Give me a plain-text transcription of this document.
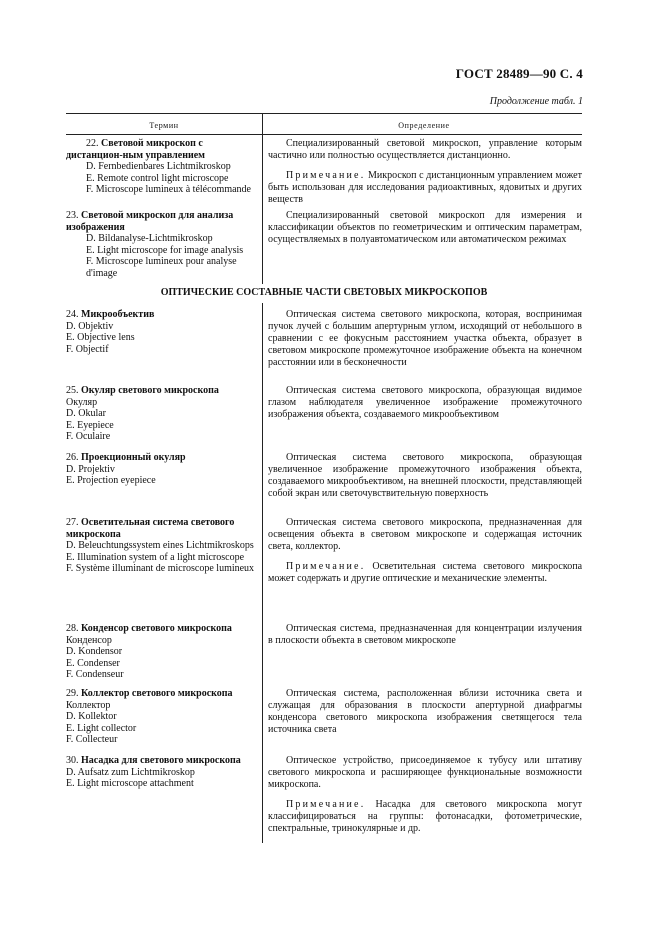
ГОСТ 28489—90 С. 4
Продолжение табл. 1
Термин	Определение
ОПТИЧЕСКИЕ СОСТАВНЫЕ ЧАСТИ СВЕТОВЫХ МИКРОСКОПОВ
22. Световой микроскоп с дистанцион-ным управлением
D. Fernbedienbares Lichtmikroskop
E. Remote control light microscope
F. Microscope lumineux à télécommande

Специализированный световой микроскоп, управление которым частично или полностью осуществляется дистанционно.

Примечание. Микроскоп с дистанционным управлением может быть использован для исследования радиоактивных, ядовитых и других веществ

23. Световой микроскоп для анализа изображения
D. Bildanalyse-Lichtmikroskop
E. Light microscope for image analysis
F. Microscope lumineux pour analyse d'image

Специализированный световой микроскоп для измерения и классификации объектов по геометрическим и оптическим параметрам, осуществляемых в полуавтоматическом или автоматическом режимах

24. Микрообъектив
D. Objektiv
E. Objective lens
F. Objectif

Оптическая система светового микроскопа, которая, воспринимая пучок лучей с большим апертурным углом, исходящий от небольшого в сравнении с ее фокусным расстоянием участка объекта, образует в световом микроскопе промежуточное изображение объекта на конечном расстоянии или в бесконечности

25. Окуляр светового микроскопа
Окуляр
D. Okular
E. Eyepiece
F. Oculaire

Оптическая система светового микроскопа, образующая видимое глазом наблюдателя увеличенное изображение промежуточного изображения объекта, создаваемого микрообъективом

26. Проекционный окуляр
D. Projektiv
E. Projection eyepiece

Оптическая система светового микроскопа, образующая увеличенное изображение промежуточного изображения объекта, создаваемого микрообъективом, на внешней плоскости, представляющей собой экран или светочувствительную поверхность

27. Осветительная система светового микроскопа
D. Beleuchtungssystem eines Lichtmikroskops
E. Illumination system of a light microscope
F. Système illuminant de microscope lumineux

Оптическая система светового микроскопа, предназначенная для освещения объекта в световом микроскопе и содержащая источник света, коллектор.

Примечание. Осветительная система светового микроскопа может содержать и другие оптические и механические элементы.

28. Конденсор светового микроскопа
Конденсор
D. Kondensor
E. Condenser
F. Condenseur

Оптическая система, предназначенная для концентрации излучения в плоскости объекта в световом микроскопе

29. Коллектор светового микроскопа
Коллектор
D. Kollektor
E. Light collector
F. Collecteur

Оптическая система, расположенная вблизи источника света и служащая для образования в плоскости апертурной диафрагмы конденсора светового микроскопа изображения светящегося тела источника света

30. Насадка для светового микроскопа
D. Aufsatz zum Lichtmikroskop
E. Light microscope attachment

Оптическое устройство, присоединяемое к тубусу или штативу светового микроскопа и расширяющее функциональные возможности микроскопа.

Примечание. Насадка для светового микроскопа могут классифицироваться на группы: фотонасадки, фотометрические, спектральные, тринокулярные и др.
